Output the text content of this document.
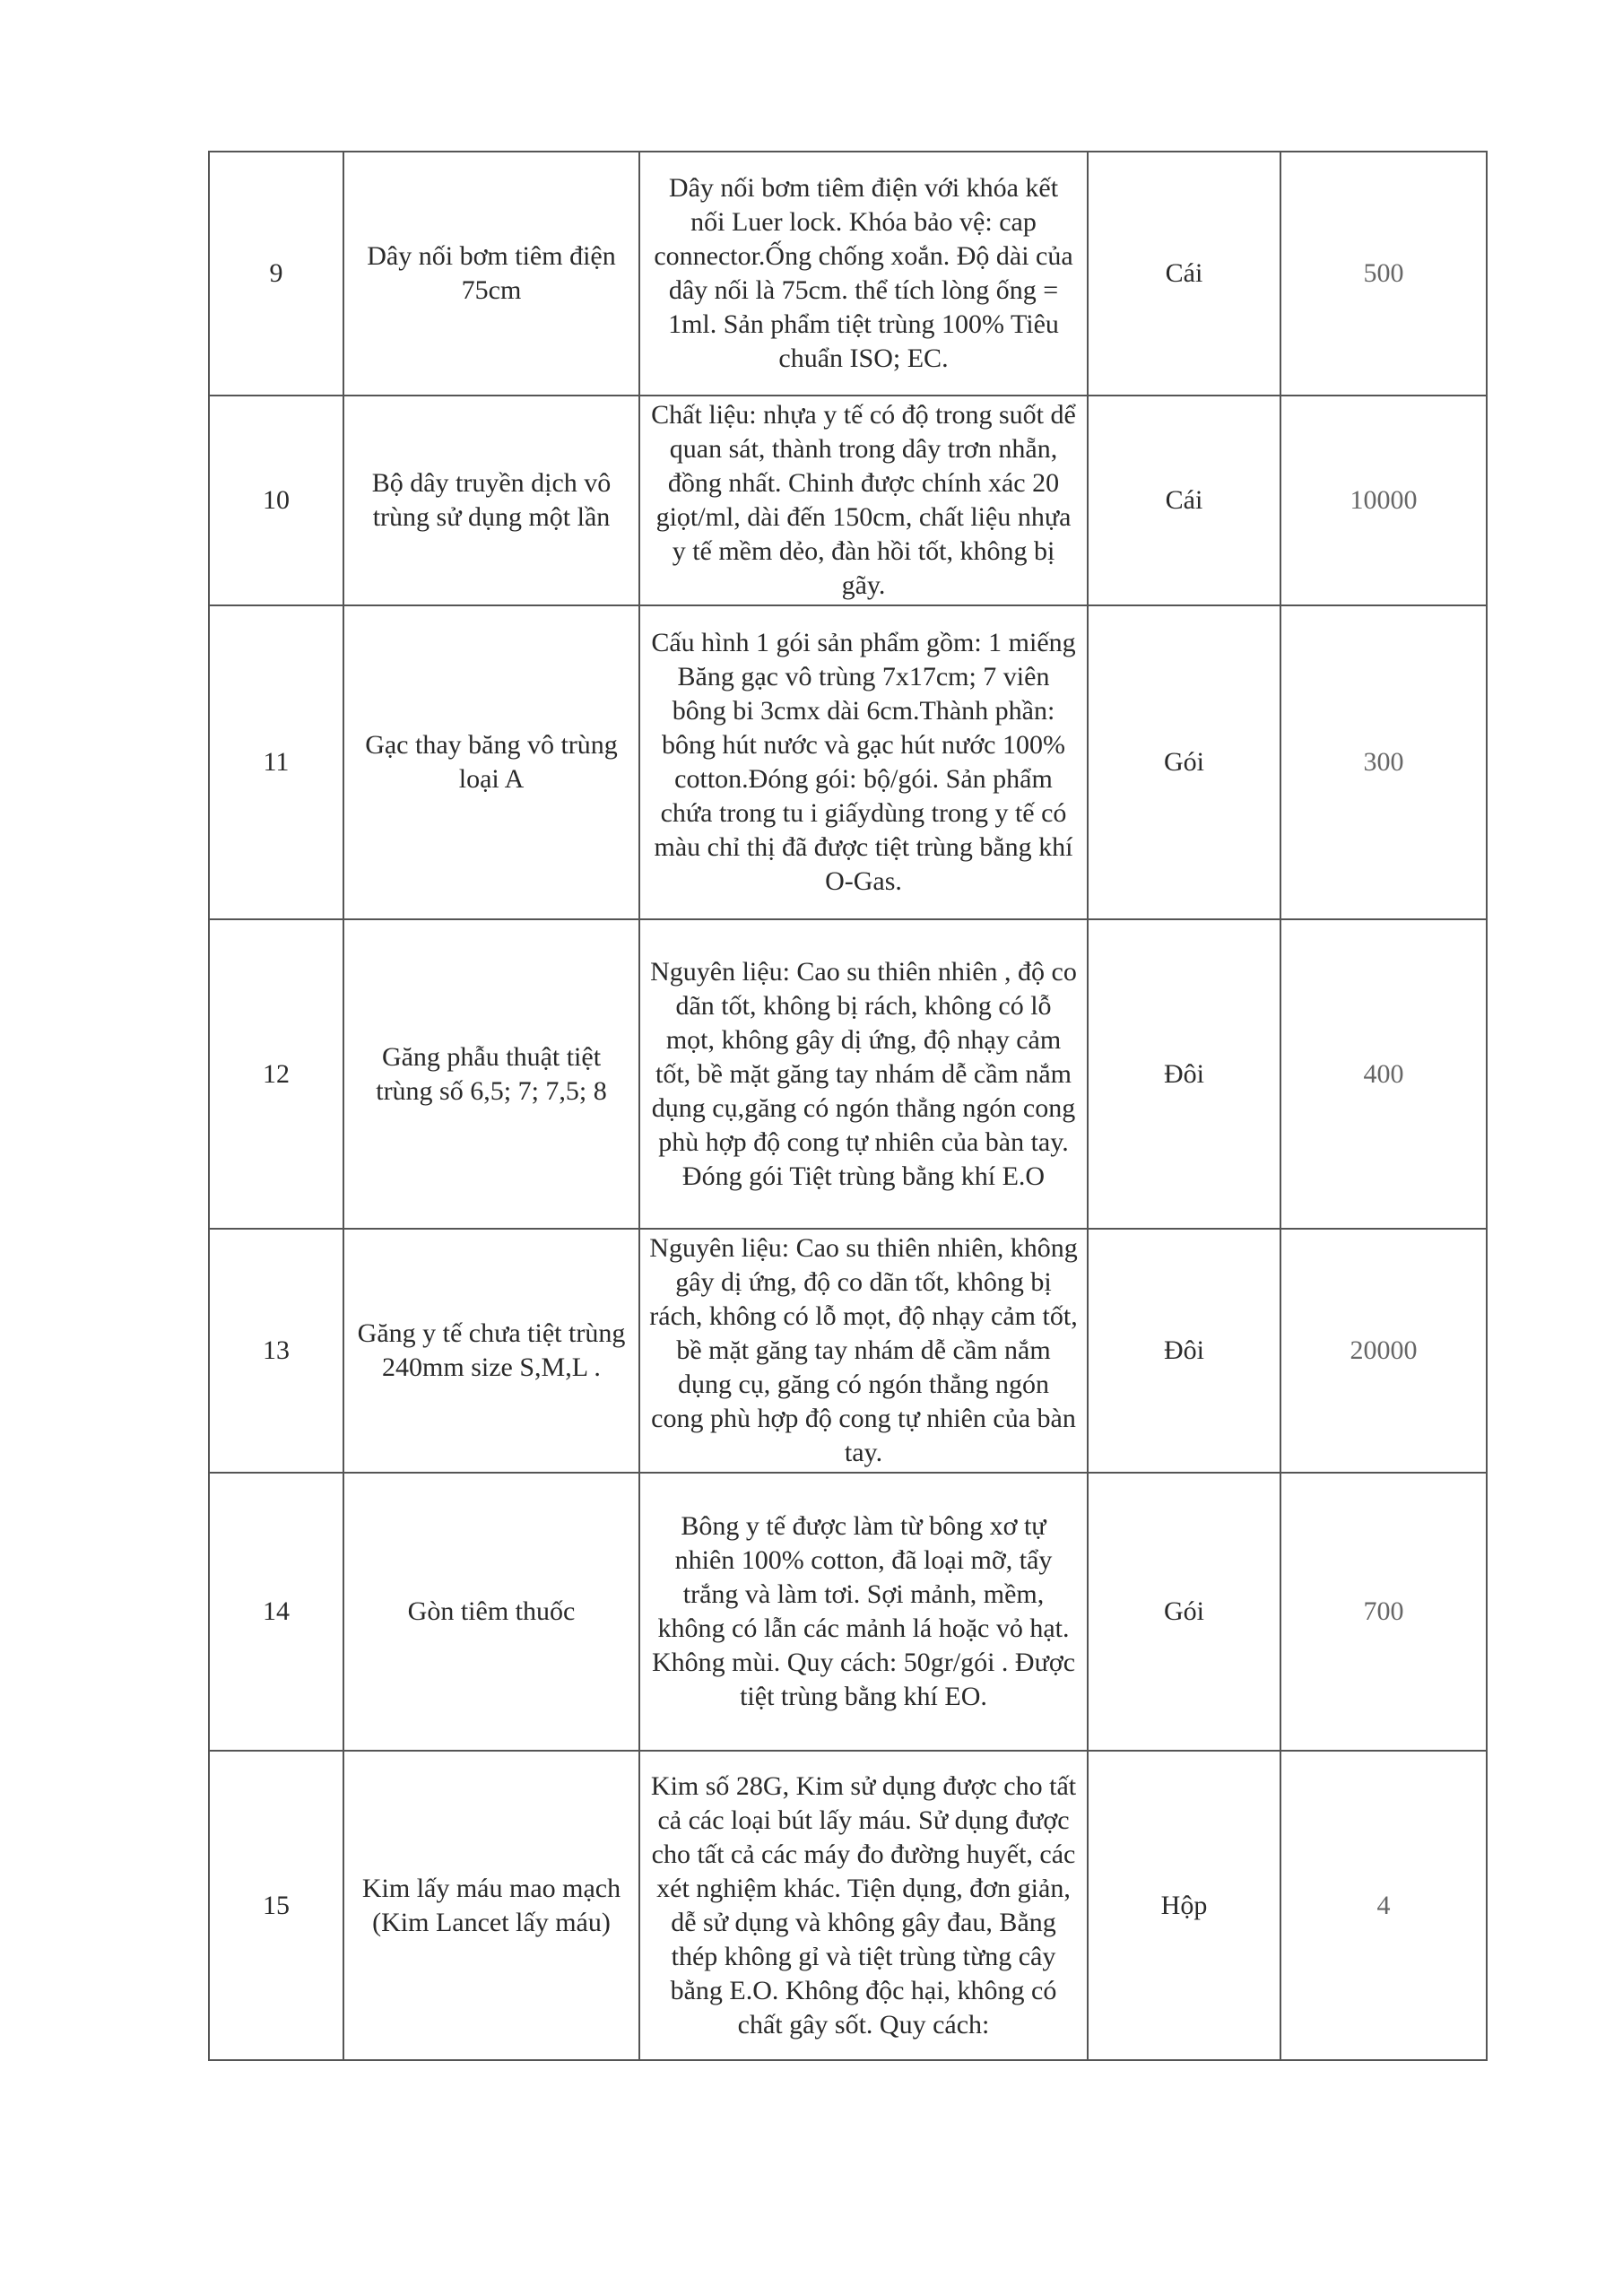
9	Dây nối bơm tiêm điện 75cm	Dây nối bơm tiêm điện với khóa kết nối Luer lock. Khóa bảo vệ: cap connector.Ống chống xoắn. Độ dài của dây nối là 75cm. thể tích lòng ống = 1ml. Sản phẩm tiệt trùng 100% Tiêu chuẩn ISO; EC.	Cái	500
10	Bộ dây truyền dịch vô trùng sử dụng một lần	Chất liệu: nhựa y tế có độ trong suốt dể quan sát, thành trong dây trơn nhẵn, đồng nhất. Chinh được chính xác 20 giọt/ml, dài đến 150cm, chất liệu nhựa y tế mềm dẻo, đàn hồi tốt, không bị gãy.	Cái	10000
11	Gạc thay băng vô trùng loại A	Cấu hình 1 gói sản phẩm gồm: 1 miếng Băng gạc vô trùng 7x17cm; 7 viên bông bi 3cmx dài 6cm.Thành phần: bông hút nước và gạc hút nước 100% cotton.Đóng gói: bộ/gói. Sản phẩm chứa trong tu i giấydùng trong y tế có màu chỉ thị đã được tiệt trùng bằng khí O-Gas.	Gói	300
12	Găng phẫu thuật tiệt trùng số 6,5; 7; 7,5; 8	Nguyên liệu: Cao su thiên nhiên , độ co dãn tốt, không bị rách, không có lỗ mọt, không gây dị ứng, độ nhạy cảm tốt, bề mặt găng tay nhám dễ cầm nắm dụng cụ,găng có ngón thẳng ngón cong phù hợp độ cong tự nhiên của bàn tay. Đóng gói Tiệt trùng bằng khí E.O	Đôi	400
13	Găng y tế chưa tiệt trùng 240mm size S,M,L .	Nguyên liệu: Cao su thiên nhiên, không gây dị ứng, độ co dãn tốt, không bị rách, không có lỗ mọt, độ nhạy cảm tốt, bề mặt găng tay nhám dễ cầm nắm dụng cụ, găng có ngón thẳng ngón cong phù hợp độ cong tự nhiên của bàn tay.	Đôi	20000
14	Gòn tiêm thuốc	Bông y tế được làm từ bông xơ tự nhiên 100% cotton, đã loại mỡ, tẩy trắng và làm tơi. Sợi mảnh, mềm, không có lẫn các mảnh lá hoặc vỏ hạt. Không mùi. Quy cách: 50gr/gói . Được tiệt trùng bằng khí EO.	Gói	700
15	Kim lấy máu mao mạch (Kim Lancet lấy máu)	Kim số 28G, Kim sử dụng được cho tất cả các loại bút lấy máu. Sử dụng được cho tất cả các máy đo đường huyết, các xét nghiệm khác. Tiện dụng, đơn giản, dễ sử dụng và không gây đau, Bằng thép không gỉ và tiệt trùng từng cây bằng E.O. Không độc hại, không có chất gây sốt. Quy cách:	Hộp	4
